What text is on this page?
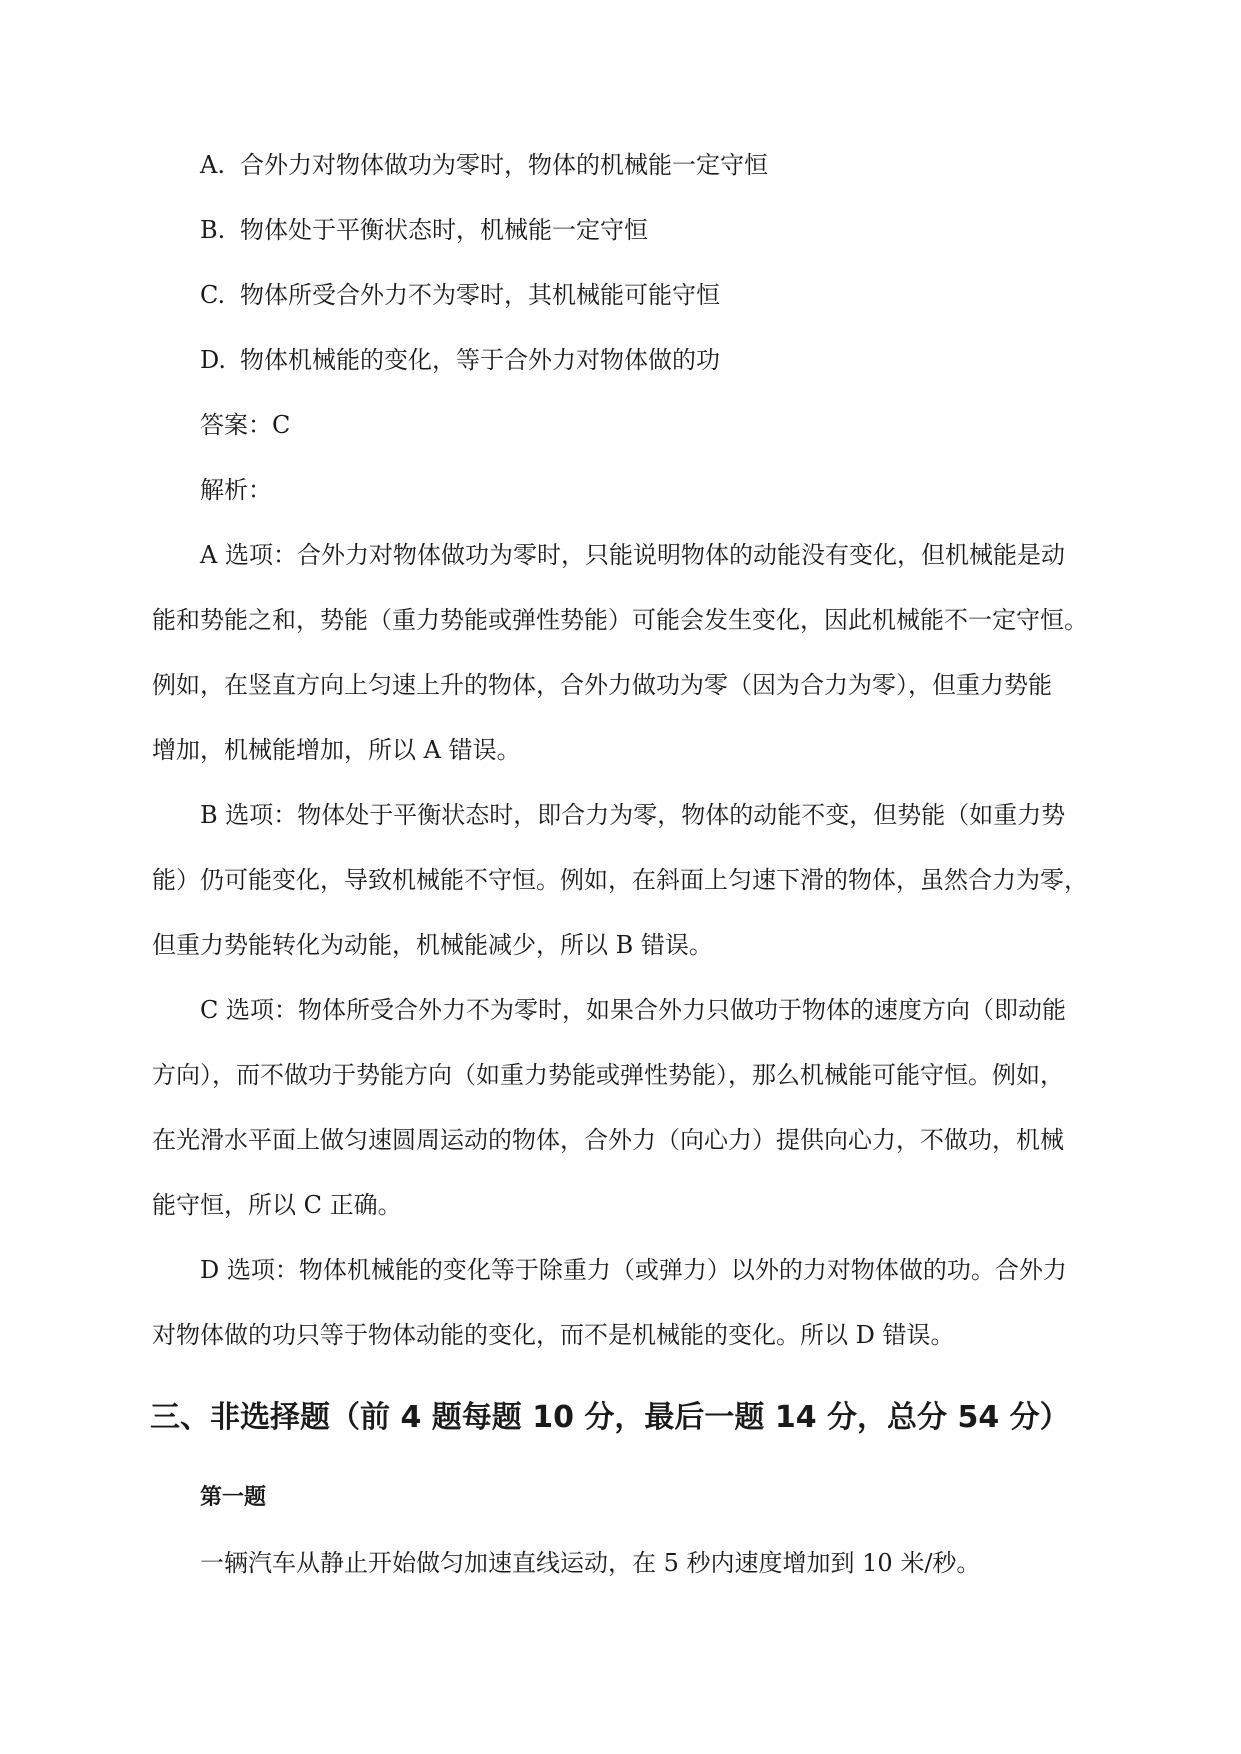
A. 合外力对物体做功为零时，物体的机械能一定守恒
B. 物体处于平衡状态时，机械能一定守恒
C. 物体所受合外力不为零时，其机械能可能守恒
D. 物体机械能的变化，等于合外力对物体做的功
答案：C
解析：
A 选项：合外力对物体做功为零时，只能说明物体的动能没有变化，但机械能是动
能和势能之和，势能（重力势能或弹性势能）可能会发生变化，因此机械能不一定守恒。
例如，在竖直方向上匀速上升的物体，合外力做功为零（因为合力为零），但重力势能
增加，机械能增加，所以 A 错误。
B 选项：物体处于平衡状态时，即合力为零，物体的动能不变，但势能（如重力势
能）仍可能变化，导致机械能不守恒。例如，在斜面上匀速下滑的物体，虽然合力为零，
但重力势能转化为动能，机械能减少，所以 B 错误。
C 选项：物体所受合外力不为零时，如果合外力只做功于物体的速度方向（即动能
方向），而不做功于势能方向（如重力势能或弹性势能），那么机械能可能守恒。例如，
在光滑水平面上做匀速圆周运动的物体，合外力（向心力）提供向心力，不做功，机械
能守恒，所以 C 正确。
D 选项：物体机械能的变化等于除重力（或弹力）以外的力对物体做的功。合外力
对物体做的功只等于物体动能的变化，而不是机械能的变化。所以 D 错误。
三、非选择题（前 4 题每题 10 分，最后一题 14 分，总分 54 分）
第一题
一辆汽车从静止开始做匀加速直线运动，在 5 秒内速度增加到 10 米/秒。
